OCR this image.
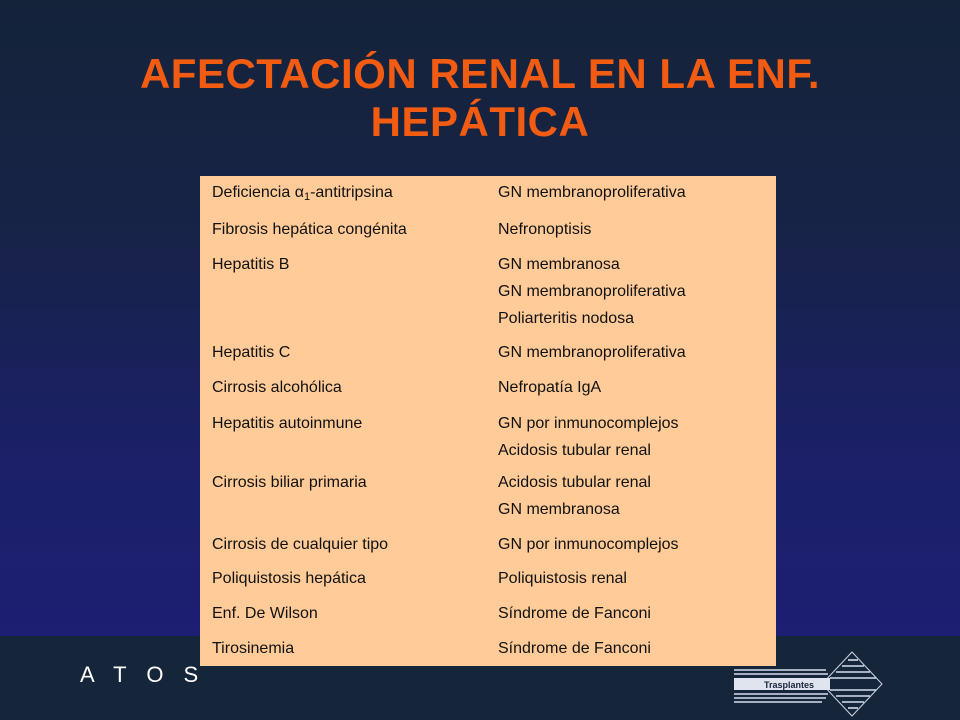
AFECTACIÓN RENAL EN LA ENF.
HEPÁTICA
Deficiencia $\alpha_1$-antitripsina	GN membranoproliferativa
Fibrosis hepática congénita	Nefronoptisis
Hepatitis B	GN membranosa
GN membranoproliferativa
Poliarteritis nodosa
Hepatitis C	GN membranoproliferativa
Cirrosis alcohólica	Nefropatía IgA
Hepatitis autoinmune	GN por inmunocomplejos
Acidosis tubular renal
Cirrosis biliar primaria	Acidosis tubular renal
GN membranosa
Cirrosis de cualquier tipo	GN por inmunocomplejos
Poliquistosis hepática	Poliquistosis renal
Enf. De Wilson	Síndrome de Fanconi
Tirosinemia	Síndrome de Fanconi
A T O S	Trasplantes
